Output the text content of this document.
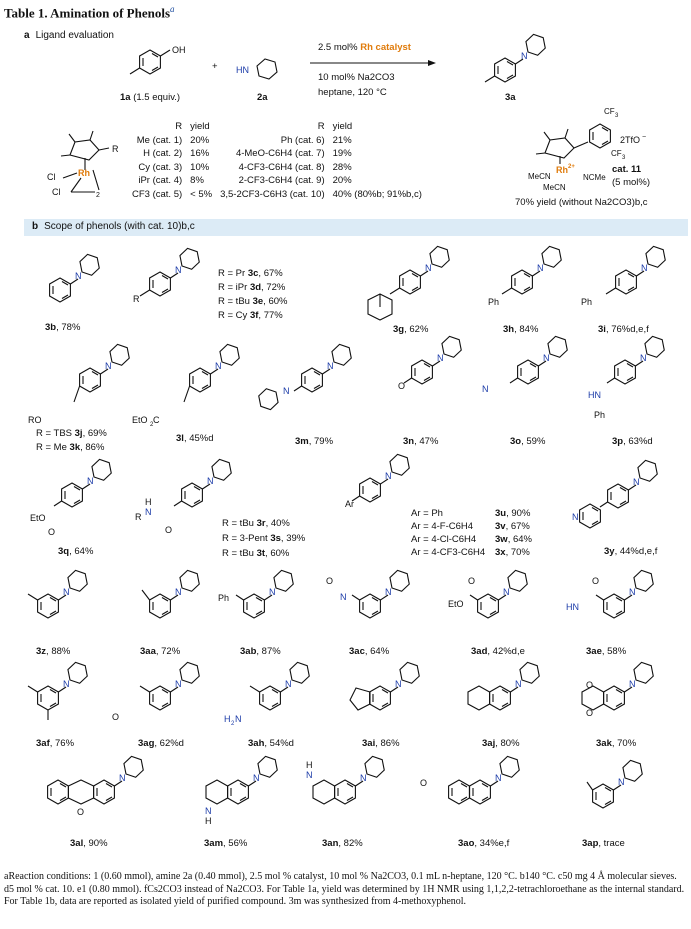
Table 1. Amination of Phenols$^a$
a Ligand evaluation
OH
HN
N
R
Rh
Cl
Cl	2
CF 3
CF 3
2TfO −
Rh 2+
MeCN	NCMe
MeCN
N
N
R
N	N
Ph
N
Ph
N
RO
N
EtO 2 C
N
N
N
O
N
N
N
HN
Ph
N
EtO
O
N
R N
H
O
N
Ar
N
N
N	N	N
Ph
N
N
O
N
EtO
O
N
HN
O
N	N
O
N
H 2 N
N	N	N
O
O
N
O
N
N
H
N
N
H
N
O	N
1a (1.5 equiv.)
+
2a
2.5 mol% Rh catalyst
10 mol% Na2CO3
heptane, 120 °C	3a
R	yield	R	yield
Me (cat. 1)	20%	Ph (cat. 6)	21%
H (cat. 2)	16%	4-MeO-C6H4 (cat. 7)	19%
Cy (cat. 3)	10%	4-CF3-C6H4 (cat. 8)	28%
iPr (cat. 4)	8%	2-CF3-C6H4 (cat. 9)	20%
CF3 (cat. 5)	< 5%	3,5-2CF3-C6H3 (cat. 10)	40% (80%b; 91%b,c)
cat. 11
(5 mol%)
70% yield (without Na2CO3)b,c
b Scope of phenols (with cat. 10)b,c
3b, 78%
R = Pr 3c, 67%
R = iPr 3d, 72%
R = tBu 3e, 60%
R = Cy 3f, 77%
3g, 62%	3h, 84%	3i, 76%d,e,f
R = TBS 3j, 69%
R = Me 3k, 86%
3l, 45%d	3m, 79%	3n, 47%	3o, 59%	3p, 63%d
3q, 64%
R = tBu 3r, 40%
R = 3-Pent 3s, 39%
R = tBu 3t, 60%
Ar = Ph	3u, 90%
Ar = 4-F-C6H4 3v, 67%
Ar = 4-Cl-C6H4 3w, 64%
Ar = 4-CF3-C6H4 3x, 70%	3y, 44%d,e,f
3z, 88%	3aa, 72%	3ab, 87%	3ac, 64%	3ad, 42%d,e	3ae, 58%
3af, 76%	3ag, 62%d	3ah, 54%d	3ai, 86%	3aj, 80%	3ak, 70%
3al, 90%	3am, 56%	3an, 82%	3ao, 34%e,f	3ap, trace
aReaction conditions: 1 (0.60 mmol), amine 2a (0.40 mmol), 2.5 mol % catalyst, 10 mol % Na2CO3, 0.1 mL n-heptane, 120 °C. b140 °C. c50 mg 4 Å molecular sieves. d5 mol % cat. 10. e1 (0.80 mmol). fCs2CO3 instead of Na2CO3. For Table 1a, yield was determined by 1H NMR using 1,1,2,2-tetrachloroethane as the internal standard. For Table 1b, data are reported as isolated yield of purified compound. 3m was synthesized from 4-methoxyphenol.
